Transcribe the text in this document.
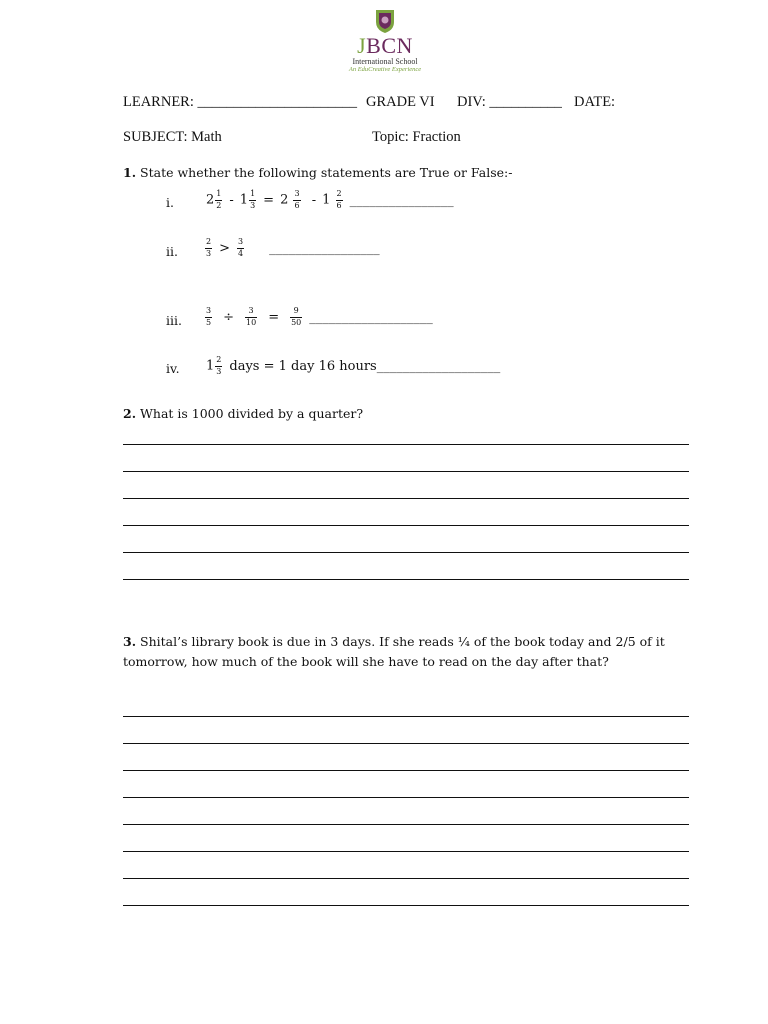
JBCN
International School
An EduCreative Experience
LEARNER: ______________________ GRADE VI DIV: __________ DATE:
SUBJECT: Math	Topic: Fraction
1. State whether the following statements are True or False:-
i. $2 \frac{1}{2} - 1 \frac{1}{3} = 2 \frac{3}{6} - 1 \frac{2}{6}$ ________________
ii.	$\frac{2}{3} > \frac{3}{4}$ _________________
iii.	$\frac{3}{5} \div \frac{3}{10} = \frac{9}{50}$ ___________________
iv. $1 \frac{2}{3}$ days = 1 day 16 hours___________________
2. What is 1000 divided by a quarter?
3. Shital’s library book is due in 3 days. If she reads ¼ of the book today and 2/5 of it
tomorrow, how much of the book will she have to read on the day after that?
